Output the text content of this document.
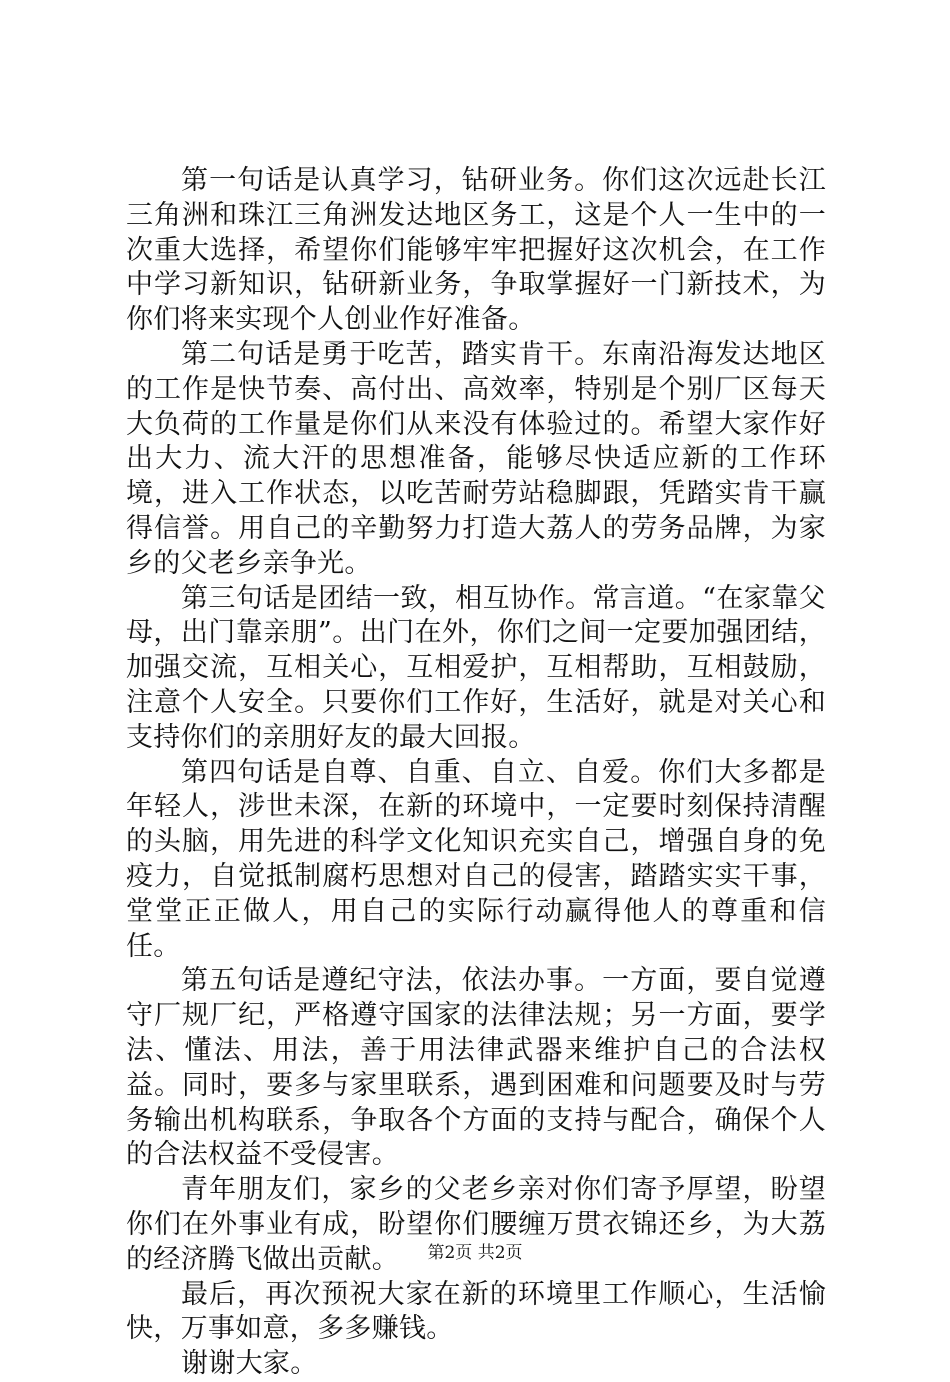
第一句话是认真学习，钻研业务。你们这次远赴长江三角洲和珠江三角洲发达地区务工，这是个人一生中的一次重大选择，希望你们能够牢牢把握好这次机会，在工作中学习新知识，钻研新业务，争取掌握好一门新技术，为你们将来实现个人创业作好准备。

第二句话是勇于吃苦，踏实肯干。东南沿海发达地区的工作是快节奏、高付出、高效率，特别是个别厂区每天大负荷的工作量是你们从来没有体验过的。希望大家作好出大力、流大汗的思想准备，能够尽快适应新的工作环境，进入工作状态，以吃苦耐劳站稳脚跟，凭踏实肯干赢得信誉。用自己的辛勤努力打造大荔人的劳务品牌，为家乡的父老乡亲争光。

第三句话是团结一致，相互协作。常言道。“在家靠父母，出门靠亲朋”。出门在外，你们之间一定要加强团结，加强交流，互相关心，互相爱护，互相帮助，互相鼓励，注意个人安全。只要你们工作好，生活好，就是对关心和支持你们的亲朋好友的最大回报。

第四句话是自尊、自重、自立、自爱。你们大多都是年轻人，涉世未深，在新的环境中，一定要时刻保持清醒的头脑，用先进的科学文化知识充实自己，增强自身的免疫力，自觉抵制腐朽思想对自己的侵害，踏踏实实干事，堂堂正正做人，用自己的实际行动赢得他人的尊重和信任。

第五句话是遵纪守法，依法办事。一方面，要自觉遵守厂规厂纪，严格遵守国家的法律法规；另一方面，要学法、懂法、用法，善于用法律武器来维护自己的合法权益。同时，要多与家里联系，遇到困难和问题要及时与劳务输出机构联系，争取各个方面的支持与配合，确保个人的合法权益不受侵害。

青年朋友们，家乡的父老乡亲对你们寄予厚望，盼望你们在外事业有成，盼望你们腰缠万贯衣锦还乡，为大荔的经济腾飞做出贡献。

最后，再次预祝大家在新的环境里工作顺心，生活愉快，万事如意，多多赚钱。

谢谢大家。

第2页 共2页
